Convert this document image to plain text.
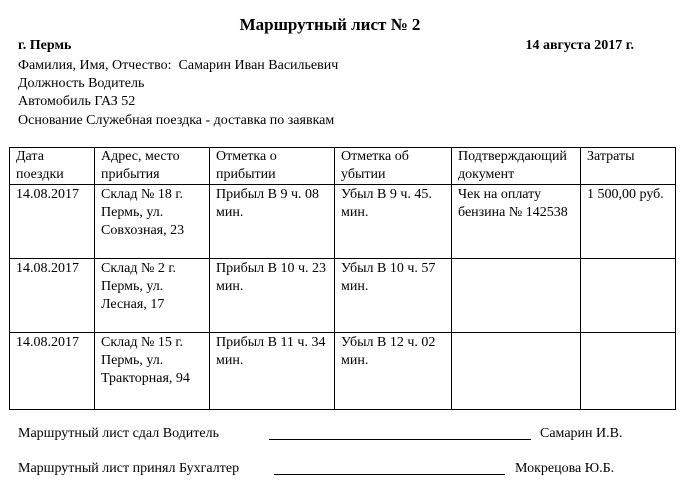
Маршрутный лист № 2
г. Пермь	14 августа 2017 г.
Фамилия, Имя, Отчество:  Самарин Иван Васильевич
Должность Водитель
Автомобиль ГАЗ 52
Основание Служебная поездка - доставка по заявкам
Дата поездки	Адрес, место прибытия	Отметка о прибытии	Отметка об убытии	Подтверждающий документ	Затраты
14.08.2017	Склад № 18 г. Пермь, ул. Совхозная, 23	Прибыл В 9 ч. 08 мин.	Убыл В 9 ч. 45. мин.	Чек на оплату бензина № 142538	1 500,00 руб.
14.08.2017	Склад № 2 г. Пермь, ул. Лесная, 17	Прибыл В 10 ч. 23 мин.	Убыл В 10 ч. 57 мин.		
14.08.2017	Склад № 15 г. Пермь, ул. Тракторная, 94	Прибыл В 11 ч. 34 мин.	Убыл В 12 ч. 02 мин.		
Маршрутный лист сдал Водитель	Самарин И.В.
Маршрутный лист принял Бухгалтер	Мокрецова Ю.Б.
